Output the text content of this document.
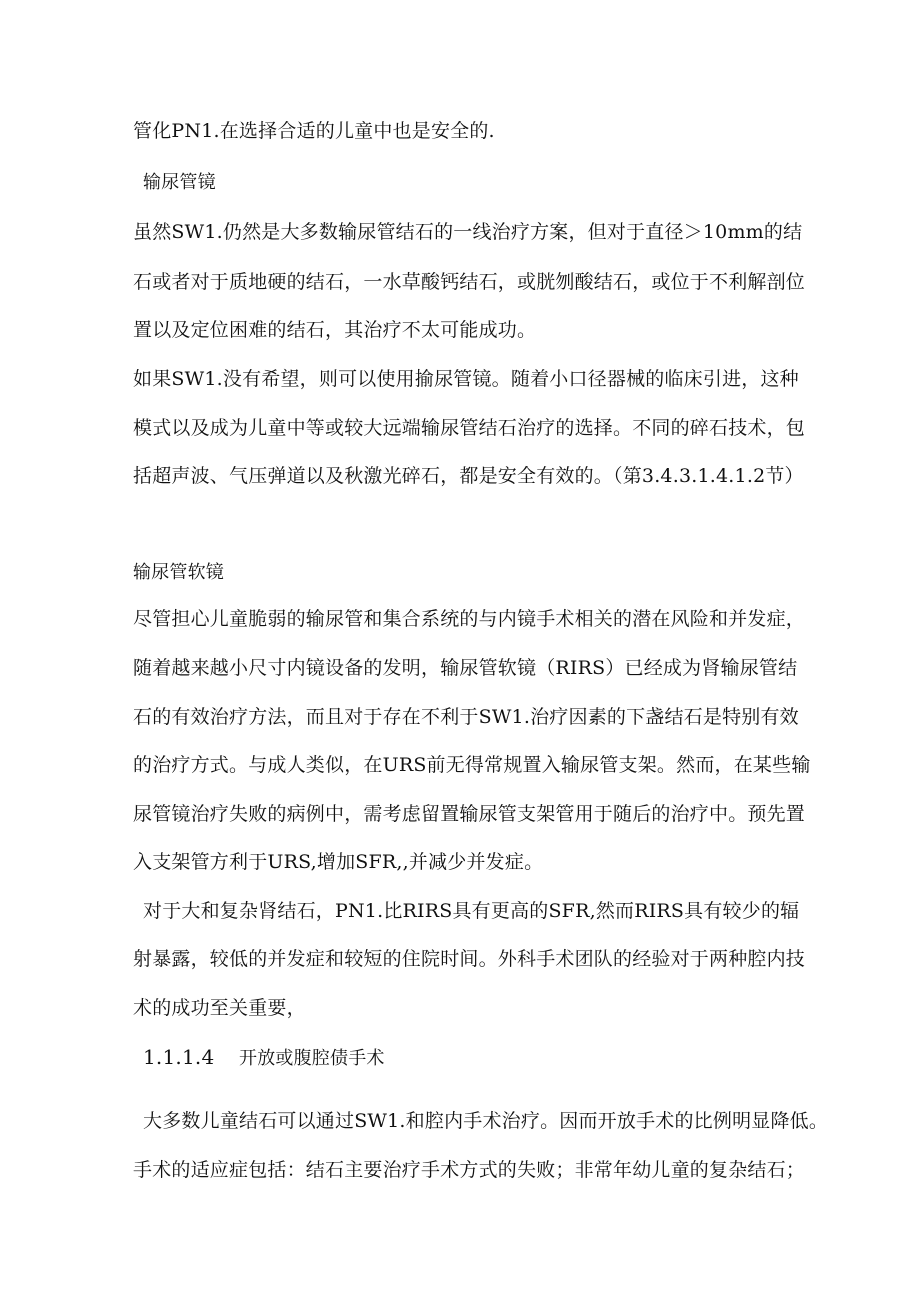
管化PN1.在选择合适的儿童中也是安全的.
输尿管镜
虽然SW1.仍然是大多数输尿管结石的一线治疗方案，但对于直径＞10mm的结
石或者对于质地硬的结石，一水草酸钙结石，或胱刎酸结石，或位于不利解剖位
置以及定位困难的结石，其治疗不太可能成功。
如果SW1.没有希望，则可以使用揄尿管镜。随着小口径器械的临床引进，这种
模式以及成为儿童中等或较大远端输尿管结石治疗的选择。不同的碎石技术，包
括超声波、气压弹道以及秋激光碎石，都是安全有效的。（第3.4.3.1.4.1.2节）
输尿管软镜
尽管担心儿童脆弱的输尿管和集合系统的与内镜手术相关的潜在风险和并发症，
随着越来越小尺寸内镜设备的发明，输尿管软镜（RIRS）已经成为肾输尿管结
石的有效治疗方法，而且对于存在不利于SW1.治疗因素的下盏结石是特别有效
的治疗方式。与成人类似，在URS前无得常规置入输尿管支架。然而，在某些输
尿管镜治疗失败的病例中，需考虑留置输尿管支架管用于随后的治疗中。预先置
入支架管方利于URS,增加SFR,,并减少并发症。
对于大和复杂肾结石，PN1.比RIRS具有更高的SFR,然而RIRS具有较少的辐
射暴露，较低的并发症和较短的住院时间。外科手术团队的经验对于两种腔内技
术的成功至关重要，
1.1.1.4 开放或腹腔债手术
大多数儿童结石可以通过SW1.和腔内手术治疗。因而开放手术的比例明显降低。
手术的适应症包括：结石主要治疗手术方式的失败；非常年幼儿童的复杂结石；
